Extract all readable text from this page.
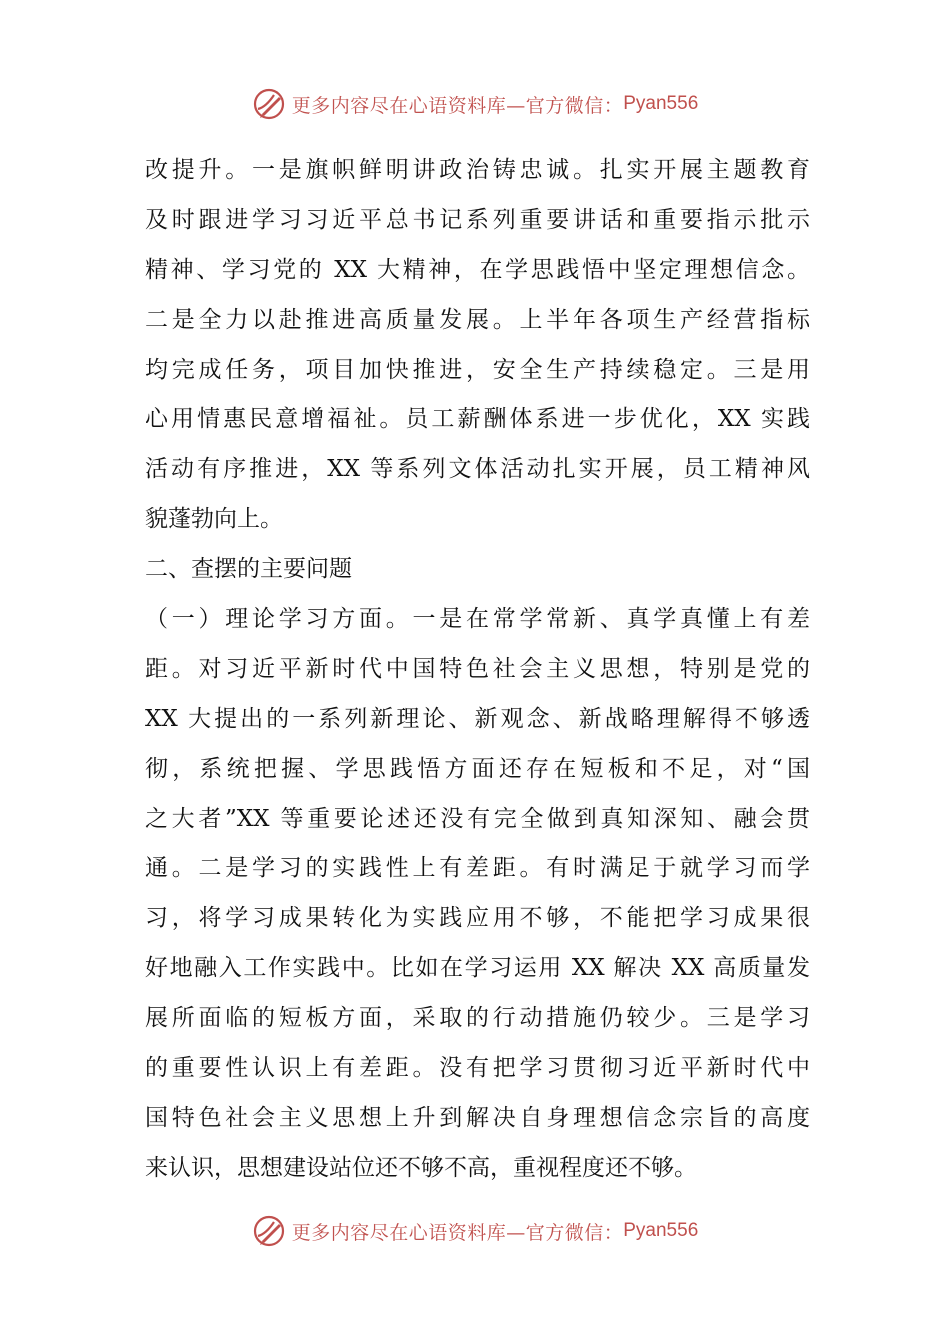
更多内容尽在心语资料库—官方微信： Pyan556
改提升。一是旗帜鲜明讲政治铸忠诚。扎实开展主题教育
及时跟进学习习近平总书记系列重要讲话和重要指示批示
精神、学习党的 XX 大精神，在学思践悟中坚定理想信念。
二是全力以赴推进高质量发展。上半年各项生产经营指标
均完成任务，项目加快推进，安全生产持续稳定。三是用
心用情惠民意增福祉。员工薪酬体系进一步优化，XX 实践
活动有序推进，XX 等系列文体活动扎实开展，员工精神风
貌蓬勃向上。
二、查摆的主要问题
（一）理论学习方面。一是在常学常新、真学真懂上有差
距。对习近平新时代中国特色社会主义思想，特别是党的
XX 大提出的一系列新理论、新观念、新战略理解得不够透
彻，系统把握、学思践悟方面还存在短板和不足，对“国
之大者”XX 等重要论述还没有完全做到真知深知、融会贯
通。二是学习的实践性上有差距。有时满足于就学习而学
习，将学习成果转化为实践应用不够，不能把学习成果很
好地融入工作实践中。比如在学习运用 XX 解决 XX 高质量发
展所面临的短板方面，采取的行动措施仍较少。三是学习
的重要性认识上有差距。没有把学习贯彻习近平新时代中
国特色社会主义思想上升到解决自身理想信念宗旨的高度
来认识，思想建设站位还不够不高，重视程度还不够。
更多内容尽在心语资料库—官方微信： Pyan556
